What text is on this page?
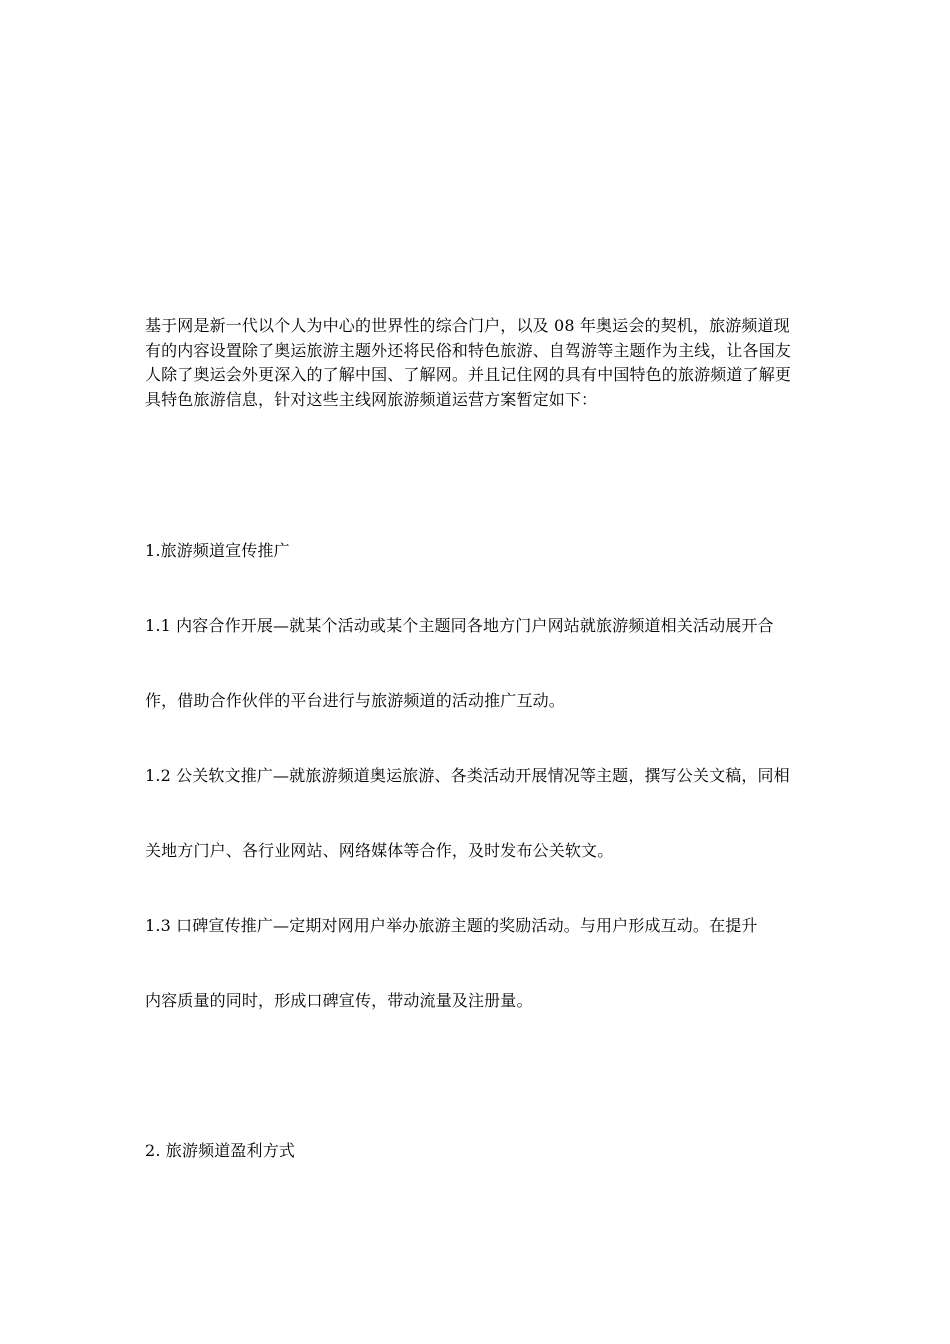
基于网是新一代以个人为中心的世界性的综合门户，以及 08 年奥运会的契机，旅游频道现
有的内容设置除了奥运旅游主题外还将民俗和特色旅游、自驾游等主题作为主线，让各国友
人除了奥运会外更深入的了解中国、了解网。并且记住网的具有中国特色的旅游频道了解更
具特色旅游信息，针对这些主线网旅游频道运营方案暂定如下：

1.旅游频道宣传推广

1.1 内容合作开展—就某个活动或某个主题同各地方门户网站就旅游频道相关活动展开合

作，借助合作伙伴的平台进行与旅游频道的活动推广互动。

1.2 公关软文推广—就旅游频道奥运旅游、各类活动开展情况等主题，撰写公关文稿，同相

关地方门户、各行业网站、网络媒体等合作，及时发布公关软文。

1.3 口碑宣传推广—定期对网用户举办旅游主题的奖励活动。与用户形成互动。在提升

内容质量的同时，形成口碑宣传，带动流量及注册量。

2. 旅游频道盈利方式
